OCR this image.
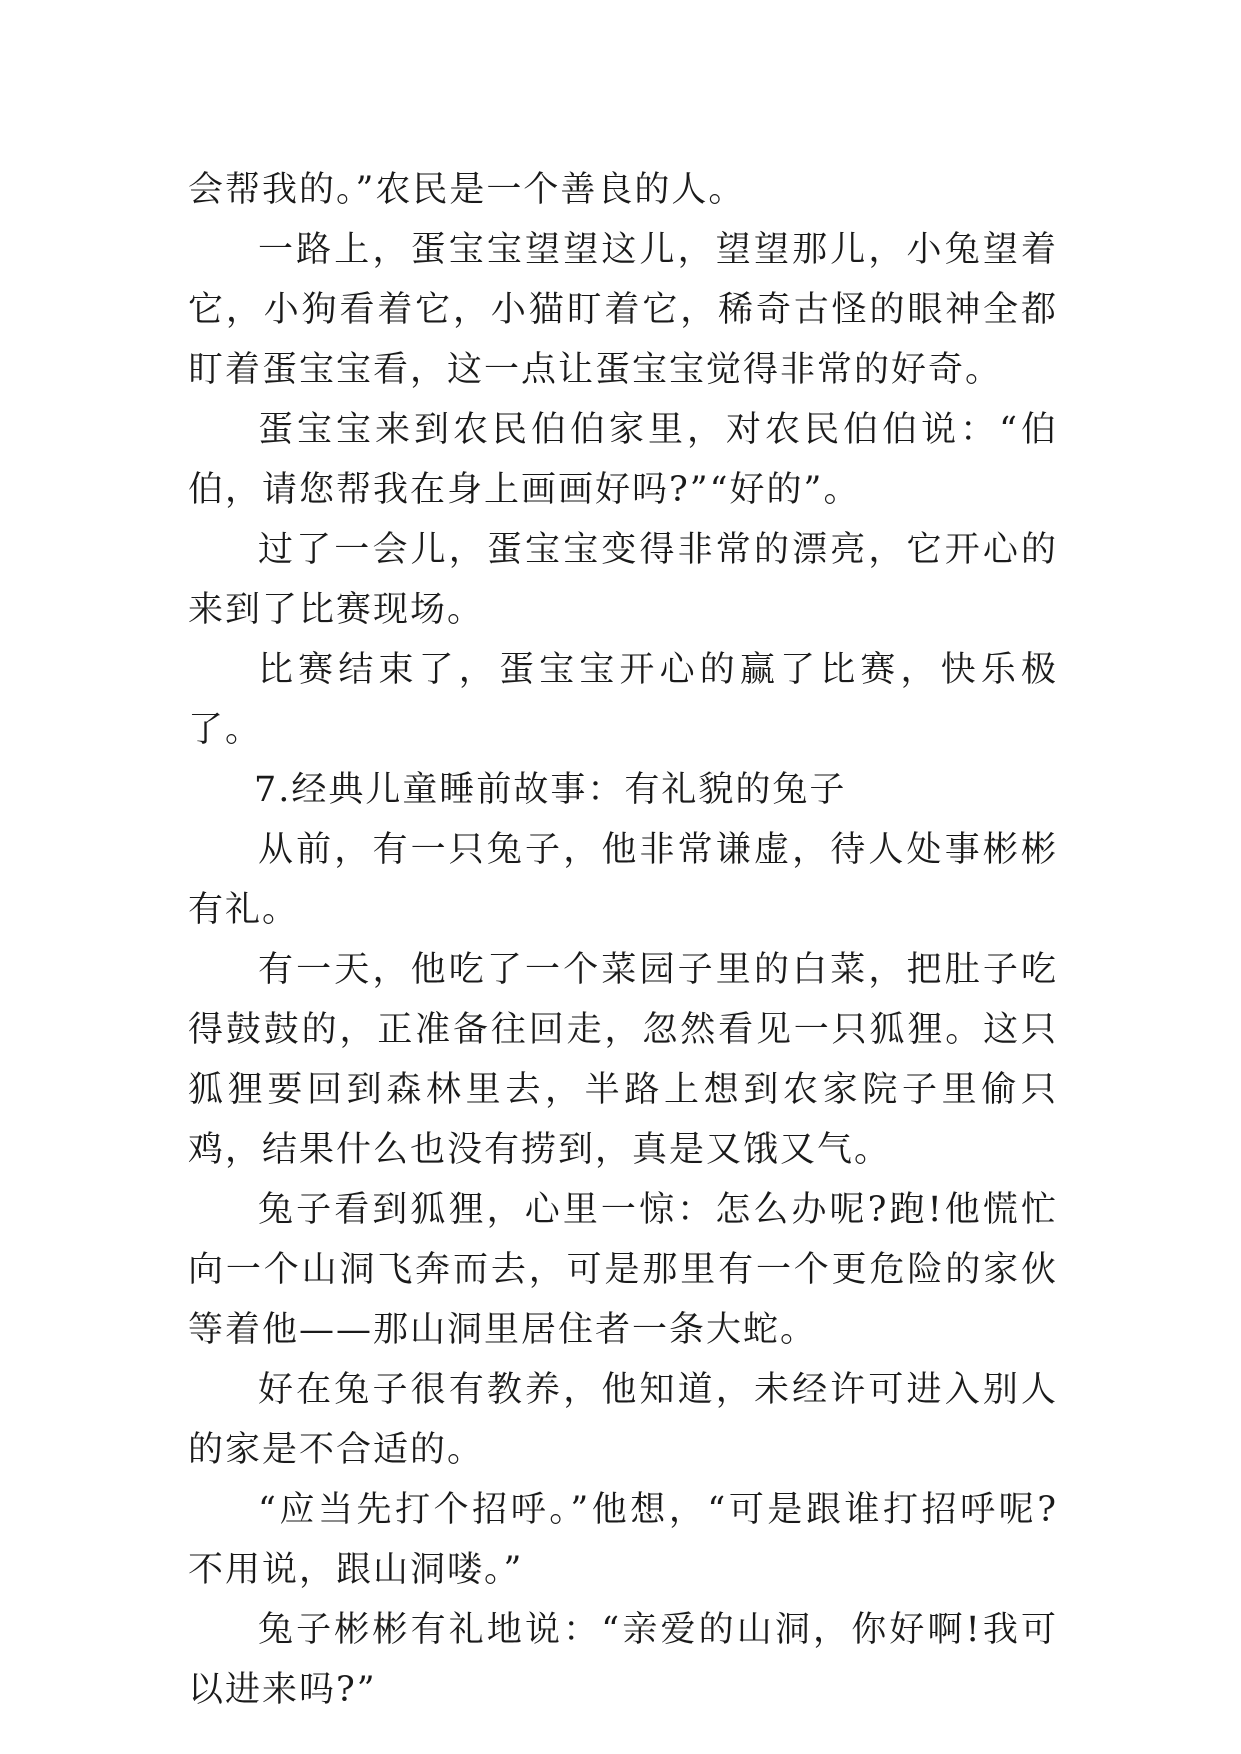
会帮我的。”农民是一个善良的人。

一路上，蛋宝宝望望这儿，望望那儿，小兔望着它，小狗看着它，小猫盯着它，稀奇古怪的眼神全都盯着蛋宝宝看，这一点让蛋宝宝觉得非常的好奇。

蛋宝宝来到农民伯伯家里，对农民伯伯说：“伯伯，请您帮我在身上画画好吗?”“好的”。

过了一会儿，蛋宝宝变得非常的漂亮，它开心的来到了比赛现场。

比赛结束了，蛋宝宝开心的赢了比赛，快乐极了。

7.经典儿童睡前故事：有礼貌的兔子

从前，有一只兔子，他非常谦虚，待人处事彬彬有礼。

有一天，他吃了一个菜园子里的白菜，把肚子吃得鼓鼓的，正准备往回走，忽然看见一只狐狸。这只狐狸要回到森林里去，半路上想到农家院子里偷只鸡，结果什么也没有捞到，真是又饿又气。

兔子看到狐狸，心里一惊：怎么办呢?跑!他慌忙向一个山洞飞奔而去，可是那里有一个更危险的家伙等着他——那山洞里居住者一条大蛇。

好在兔子很有教养，他知道，未经许可进入别人的家是不合适的。

“应当先打个招呼。”他想，“可是跟谁打招呼呢?不用说，跟山洞喽。”

兔子彬彬有礼地说：“亲爱的山洞，你好啊!我可以进来吗?”
